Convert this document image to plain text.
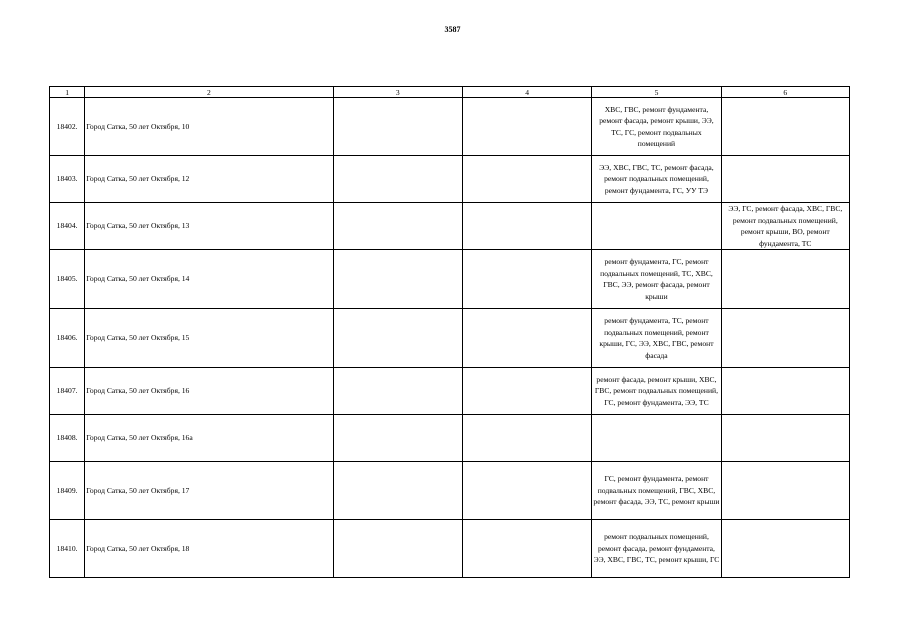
3587
1	2	3	4	5	6
18402.	Город Сатка, 50 лет Октября, 10			ХВС, ГВС, ремонт фундамента, ремонт фасада, ремонт крыши, ЭЭ, ТС, ГС, ремонт подвальных помещений	
18403.	Город Сатка, 50 лет Октября, 12			ЭЭ, ХВС, ГВС, ТС, ремонт фасада, ремонт подвальных помещений, ремонт фундамента, ГС, УУ ТЭ	
18404.	Город Сатка, 50 лет Октября, 13				ЭЭ, ГС, ремонт фасада, ХВС, ГВС, ремонт подвальных помещений, ремонт крыши, ВО, ремонт фундамента, ТС
18405.	Город Сатка, 50 лет Октября, 14			ремонт фундамента, ГС, ремонт подвальных помещений, ТС, ХВС, ГВС, ЭЭ, ремонт фасада, ремонт крыши	
18406.	Город Сатка, 50 лет Октября, 15			ремонт фундамента, ТС, ремонт подвальных помещений, ремонт крыши, ГС, ЭЭ, ХВС, ГВС, ремонт фасада	
18407.	Город Сатка, 50 лет Октября, 16			ремонт фасада, ремонт крыши, ХВС, ГВС, ремонт подвальных помещений, ГС, ремонт фундамента, ЭЭ, ТС	
18408.	Город Сатка, 50 лет Октября, 16а				
18409.	Город Сатка, 50 лет Октября, 17			ГС, ремонт фундамента, ремонт подвальных помещений, ГВС, ХВС, ремонт фасада, ЭЭ, ТС, ремонт крыши	
18410.	Город Сатка, 50 лет Октября, 18			ремонт подвальных помещений, ремонт фасада, ремонт фундамента, ЭЭ, ХВС, ГВС, ТС, ремонт крыши, ГС	
